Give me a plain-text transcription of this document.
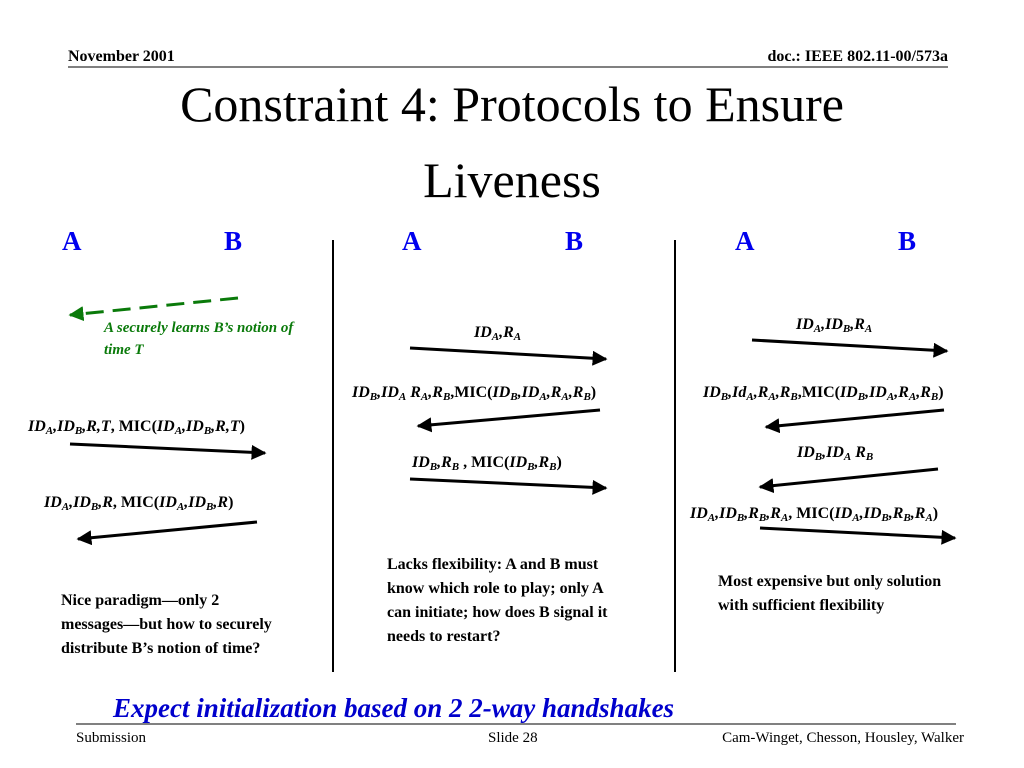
November 2001	doc.: IEEE 802.11-00/573a
Constraint 4: Protocols to Ensure
Liveness
A	B	A	B	A	B
A securely learns B’s notion of time T
$ID_A,ID_B,R,T$, $MIC(ID_A,ID_B,R,T)$
$ID_A,ID_B,R$, $MIC(ID_A,ID_B,R)$
$ID_A,R_A$
$ID_B,ID_A$ $R_A,R_B,MIC(ID_B,ID_A,R_A,R_B)$
$ID_B,R_B$ , $MIC(ID_B,R_B)$
$ID_A,ID_B,R_A$
$ID_B,Id_A,R_A,R_B,MIC(ID_B,ID_A,R_A,R_B)$
$ID_B,ID_A$ $R_B$
$ID_A,ID_B,R_B,R_A$, $MIC(ID_A,ID_B,R_B,R_A)$
Nice paradigm—only 2 messages—but how to securely distribute B’s notion of time?
Lacks flexibility: A and B must know which role to play; only A can initiate; how does B signal it needs to restart?
Most expensive but only solution with sufficient flexibility
Expect initialization based on 2 2-way handshakes
Submission	Slide 28	Cam-Winget, Chesson, Housley, Walker
